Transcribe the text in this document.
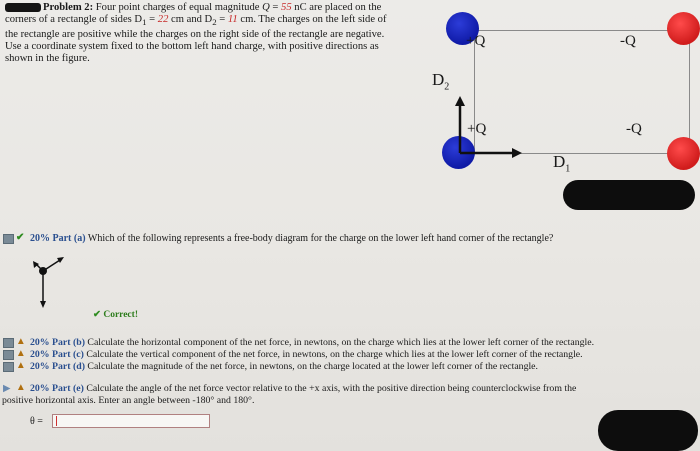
Problem 2: Four point charges of equal magnitude Q = 55 nC are placed on the
corners of a rectangle of sides $D_1 = 22$ cm and $D_2 = 11$ cm. The charges on the left side of
the rectangle are positive while the charges on the right side of the rectangle are negative.
Use a coordinate system fixed to the bottom left hand charge, with positive directions as
shown in the figure.
+Q	-Q
+Q	-Q
$D_2$
$D_1$
✔ 20% Part (a) Which of the following represents a free-body diagram for the charge on the lower left hand corner of the rectangle?
✔ Correct!
▲ 20% Part (b) Calculate the horizontal component of the net force, in newtons, on the charge which lies at the lower left corner of the rectangle.
▲ 20% Part (c) Calculate the vertical component of the net force, in newtons, on the charge which lies at the lower left corner of the rectangle.
▲ 20% Part (d) Calculate the magnitude of the net force, in newtons, on the charge located at the lower left corner of the rectangle.
▶ ▲ 20% Part (e) Calculate the angle of the net force vector relative to the +x axis, with the positive direction being counterclockwise from the
positive horizontal axis. Enter an angle between -180° and 180°.
θ =
